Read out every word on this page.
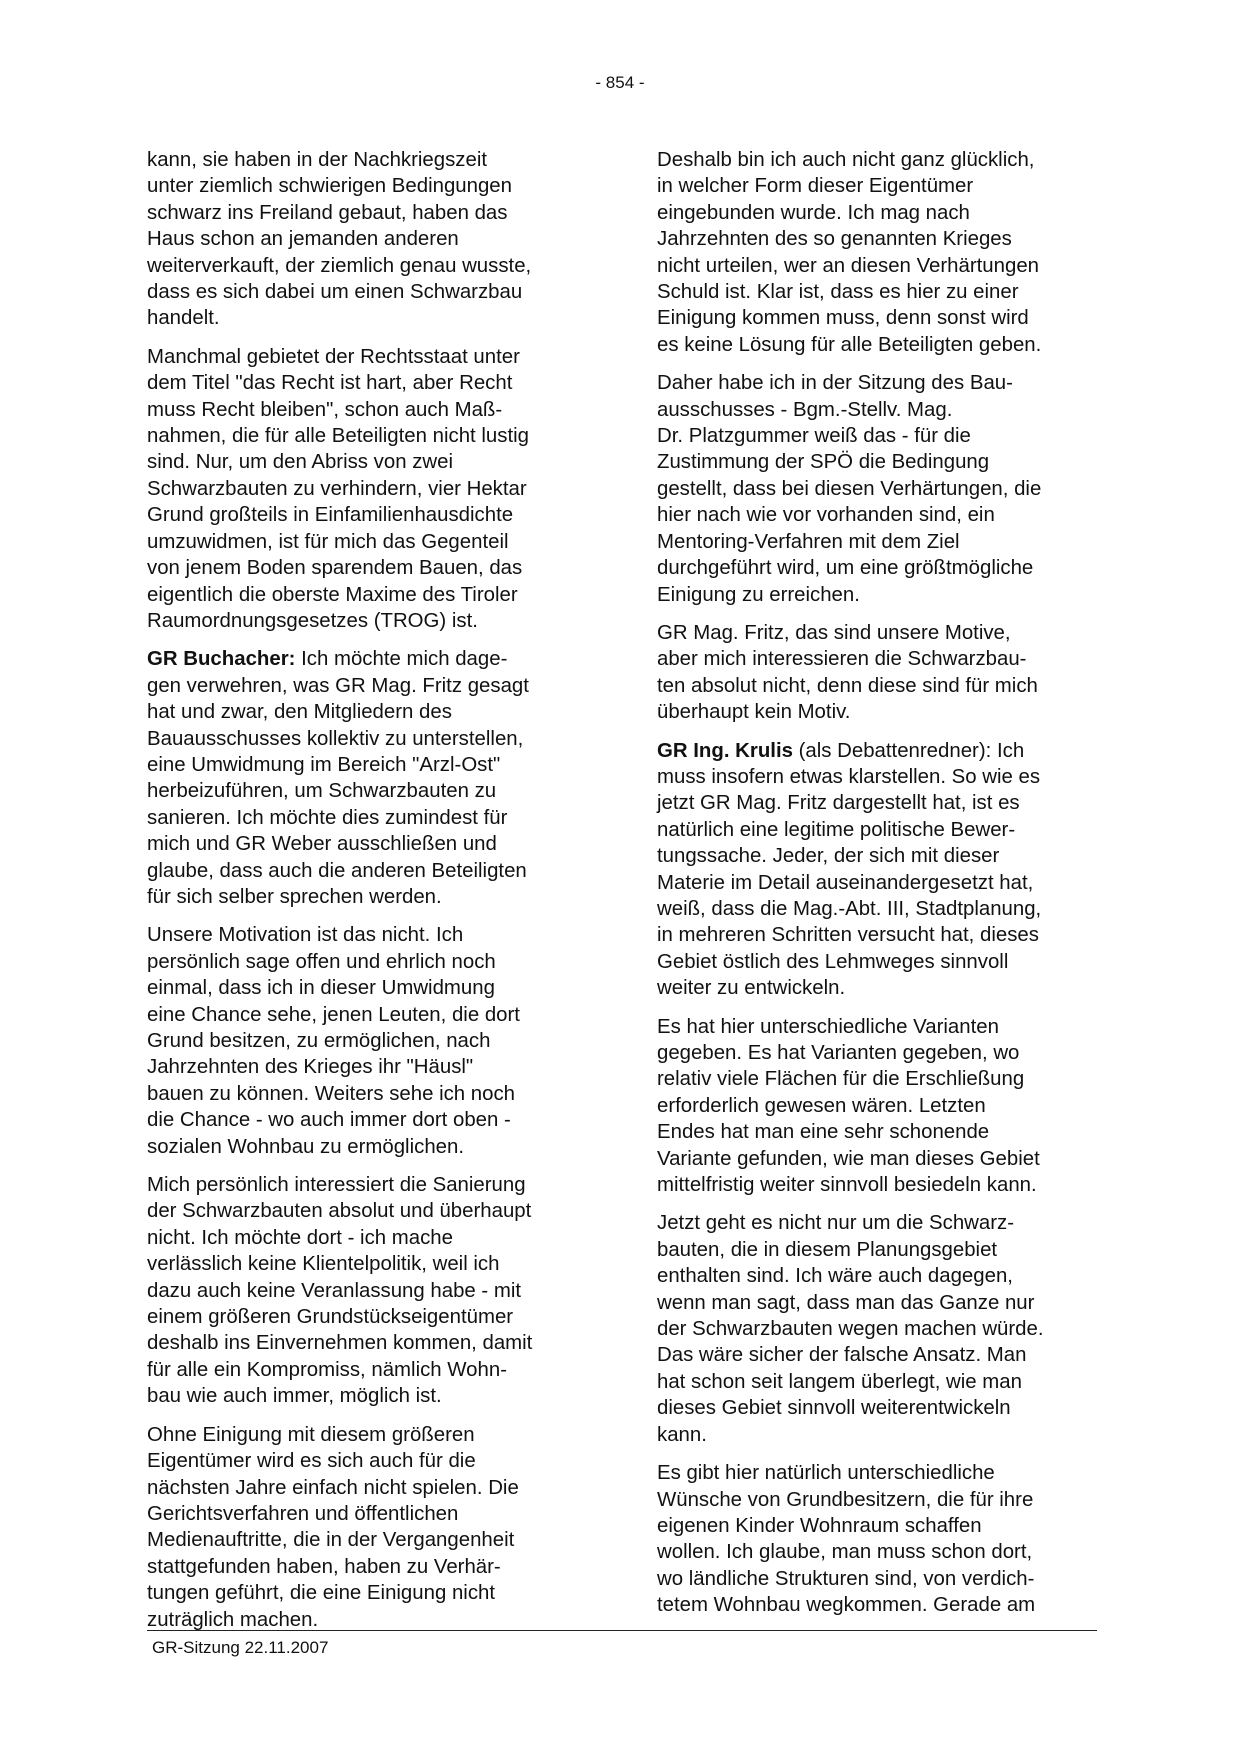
- 854 -

kann, sie haben in der Nachkriegszeit
unter ziemlich schwierigen Bedingungen
schwarz ins Freiland gebaut, haben das
Haus schon an jemanden anderen
weiterverkauft, der ziemlich genau wusste,
dass es sich dabei um einen Schwarzbau
handelt.

Manchmal gebietet der Rechtsstaat unter
dem Titel "das Recht ist hart, aber Recht
muss Recht bleiben", schon auch Maß-
nahmen, die für alle Beteiligten nicht lustig
sind. Nur, um den Abriss von zwei
Schwarzbauten zu verhindern, vier Hektar
Grund großteils in Einfamilienhausdichte
umzuwidmen, ist für mich das Gegenteil
von jenem Boden sparendem Bauen, das
eigentlich die oberste Maxime des Tiroler
Raumordnungsgesetzes (TROG) ist.

GR Buchacher: Ich möchte mich dage-
gen verwehren, was GR Mag. Fritz gesagt
hat und zwar, den Mitgliedern des
Bauausschusses kollektiv zu unterstellen,
eine Umwidmung im Bereich "Arzl-Ost"
herbeizuführen, um Schwarzbauten zu
sanieren. Ich möchte dies zumindest für
mich und GR Weber ausschließen und
glaube, dass auch die anderen Beteiligten
für sich selber sprechen werden.

Unsere Motivation ist das nicht. Ich
persönlich sage offen und ehrlich noch
einmal, dass ich in dieser Umwidmung
eine Chance sehe, jenen Leuten, die dort
Grund besitzen, zu ermöglichen, nach
Jahrzehnten des Krieges ihr "Häusl"
bauen zu können. Weiters sehe ich noch
die Chance - wo auch immer dort oben -
sozialen Wohnbau zu ermöglichen.

Mich persönlich interessiert die Sanierung
der Schwarzbauten absolut und überhaupt
nicht. Ich möchte dort - ich mache
verlässlich keine Klientelpolitik, weil ich
dazu auch keine Veranlassung habe - mit
einem größeren Grundstückseigentümer
deshalb ins Einvernehmen kommen, damit
für alle ein Kompromiss, nämlich Wohn-
bau wie auch immer, möglich ist.

Ohne Einigung mit diesem größeren
Eigentümer wird es sich auch für die
nächsten Jahre einfach nicht spielen. Die
Gerichtsverfahren und öffentlichen
Medienauftritte, die in der Vergangenheit
stattgefunden haben, haben zu Verhär-
tungen geführt, die eine Einigung nicht
zuträglich machen.

Deshalb bin ich auch nicht ganz glücklich,
in welcher Form dieser Eigentümer
eingebunden wurde. Ich mag nach
Jahrzehnten des so genannten Krieges
nicht urteilen, wer an diesen Verhärtungen
Schuld ist. Klar ist, dass es hier zu einer
Einigung kommen muss, denn sonst wird
es keine Lösung für alle Beteiligten geben.

Daher habe ich in der Sitzung des Bau-
ausschusses - Bgm.-Stellv. Mag.
Dr. Platzgummer weiß das - für die
Zustimmung der SPÖ die Bedingung
gestellt, dass bei diesen Verhärtungen, die
hier nach wie vor vorhanden sind, ein
Mentoring-Verfahren mit dem Ziel
durchgeführt wird, um eine größtmögliche
Einigung zu erreichen.

GR Mag. Fritz, das sind unsere Motive,
aber mich interessieren die Schwarzbau-
ten absolut nicht, denn diese sind für mich
überhaupt kein Motiv.

GR Ing. Krulis (als Debattenredner): Ich
muss insofern etwas klarstellen. So wie es
jetzt GR Mag. Fritz dargestellt hat, ist es
natürlich eine legitime politische Bewer-
tungssache. Jeder, der sich mit dieser
Materie im Detail auseinandergesetzt hat,
weiß, dass die Mag.-Abt. III, Stadtplanung,
in mehreren Schritten versucht hat, dieses
Gebiet östlich des Lehmweges sinnvoll
weiter zu entwickeln.

Es hat hier unterschiedliche Varianten
gegeben. Es hat Varianten gegeben, wo
relativ viele Flächen für die Erschließung
erforderlich gewesen wären. Letzten
Endes hat man eine sehr schonende
Variante gefunden, wie man dieses Gebiet
mittelfristig weiter sinnvoll besiedeln kann.

Jetzt geht es nicht nur um die Schwarz-
bauten, die in diesem Planungsgebiet
enthalten sind. Ich wäre auch dagegen,
wenn man sagt, dass man das Ganze nur
der Schwarzbauten wegen machen würde.
Das wäre sicher der falsche Ansatz. Man
hat schon seit langem überlegt, wie man
dieses Gebiet sinnvoll weiterentwickeln
kann.

Es gibt hier natürlich unterschiedliche
Wünsche von Grundbesitzern, die für ihre
eigenen Kinder Wohnraum schaffen
wollen. Ich glaube, man muss schon dort,
wo ländliche Strukturen sind, von verdich-
tetem Wohnbau wegkommen. Gerade am

GR-Sitzung 22.11.2007
